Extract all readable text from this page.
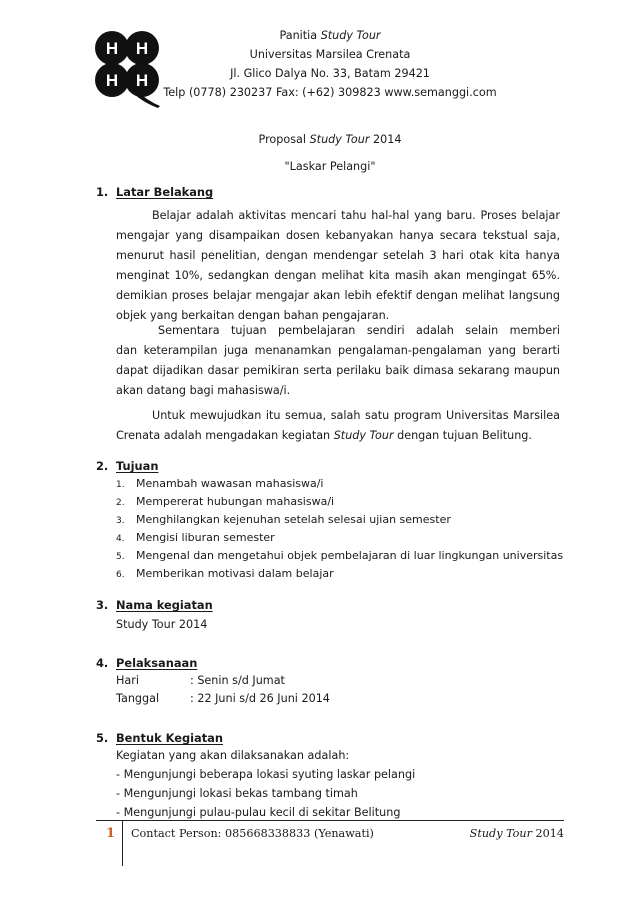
H H
H H
Panitia Study Tour
Universitas Marsilea Crenata
Jl. Glico Dalya No. 33, Batam 29421
Telp (0778) 230237 Fax: (+62) 309823 www.semanggi.com
Proposal Study Tour 2014
"Laskar Pelangi"
1. Latar Belakang
Belajar adalah aktivitas mencari tahu hal-hal yang baru. Proses belajar
mengajar yang disampaikan dosen kebanyakan hanya secara tekstual saja,
menurut hasil penelitian, dengan mendengar setelah 3 hari otak kita hanya
menginat 10%, sedangkan dengan melihat kita masih akan mengingat 65%.
demikian proses belajar mengajar akan lebih efektif dengan melihat langsung
objek yang berkaitan dengan bahan pengajaran.
Sementara tujuan pembelajaran sendiri adalah selain memberi
dan keterampilan juga menanamkan pengalaman-pengalaman yang berarti
dapat dijadikan dasar pemikiran serta perilaku baik dimasa sekarang maupun
akan datang bagi mahasiswa/i.
Untuk mewujudkan itu semua, salah satu program Universitas Marsilea
Crenata adalah mengadakan kegiatan Study Tour dengan tujuan Belitung.
2. Tujuan
1. Menambah wawasan mahasiswa/i
2. Mempererat hubungan mahasiswa/i
3. Menghilangkan kejenuhan setelah selesai ujian semester
4. Mengisi liburan semester
5. Mengenal dan mengetahui objek pembelajaran di luar lingkungan universitas
6. Memberikan motivasi dalam belajar
3. Nama kegiatan
Study Tour 2014
4. Pelaksanaan
Hari	: Senin s/d Jumat
Tanggal	: 22 Juni s/d 26 Juni 2014
5. Bentuk Kegiatan
Kegiatan yang akan dilaksanakan adalah:
- Mengunjungi beberapa lokasi syuting laskar pelangi
- Mengunjungi lokasi bekas tambang timah
- Mengunjungi pulau-pulau kecil di sekitar Belitung
1 Contact Person: 085668338833 (Yenawati)	Study Tour 2014
